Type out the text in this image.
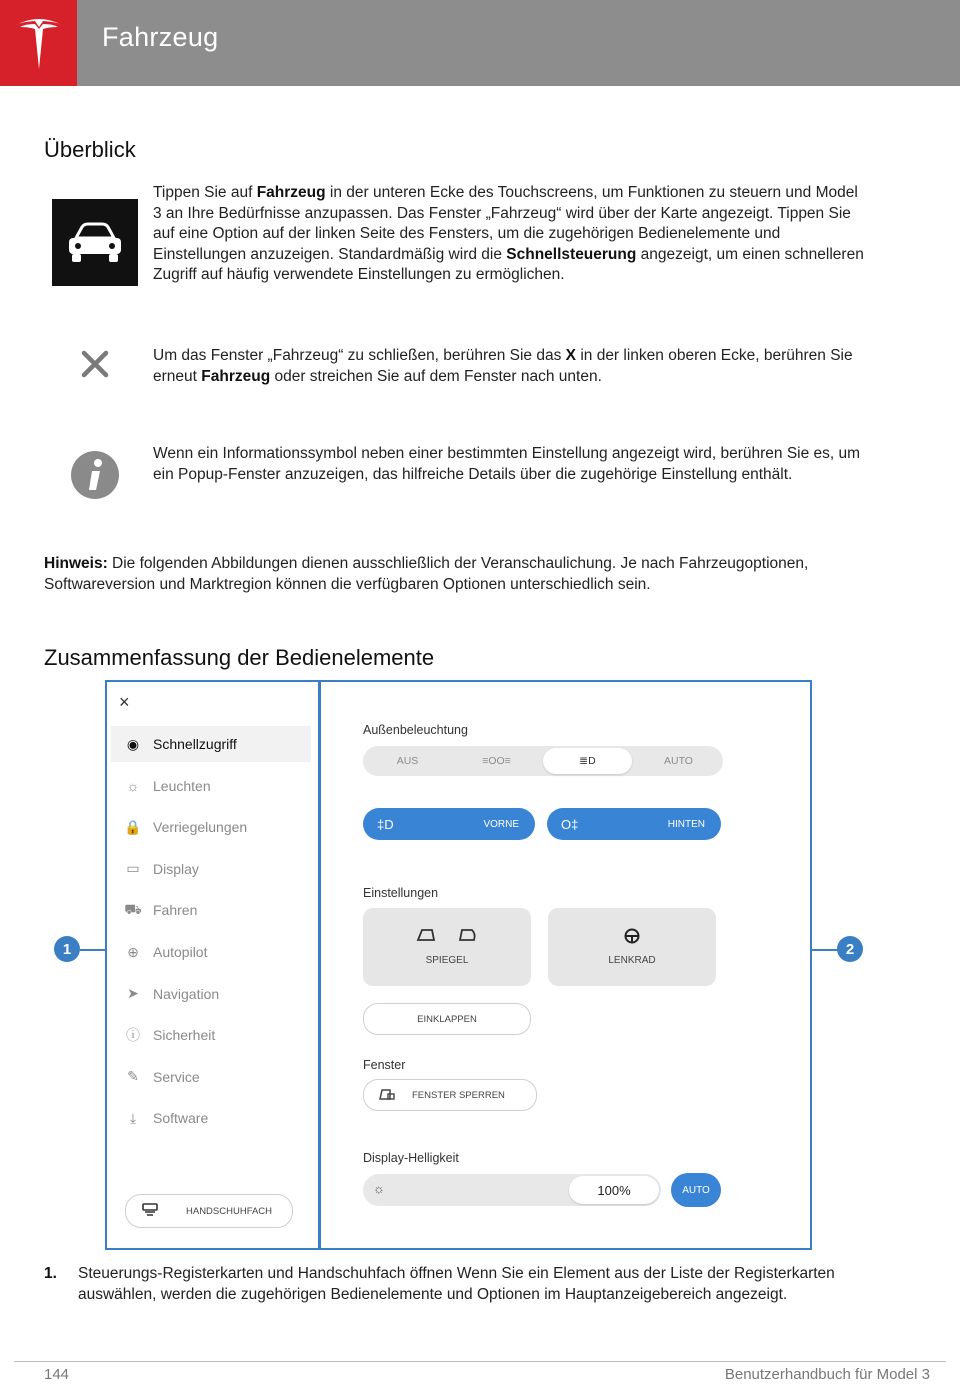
Fahrzeug
Überblick
Tippen Sie auf Fahrzeug in der unteren Ecke des Touchscreens, um Funktionen zu steuern und Model 3 an Ihre Bedürfnisse anzupassen. Das Fenster „Fahrzeug“ wird über der Karte angezeigt. Tippen Sie auf eine Option auf der linken Seite des Fensters, um die zugehörigen Bedienelemente und Einstellungen anzuzeigen. Standardmäßig wird die Schnellsteuerung angezeigt, um einen schnelleren Zugriff auf häufig verwendete Einstellungen zu ermöglichen.
Um das Fenster „Fahrzeug“ zu schließen, berühren Sie das X in der linken oberen Ecke, berühren Sie erneut Fahrzeug oder streichen Sie auf dem Fenster nach unten.
Wenn ein Informationssymbol neben einer bestimmten Einstellung angezeigt wird, berühren Sie es, um ein Popup-Fenster anzuzeigen, das hilfreiche Details über die zugehörige Einstellung enthält.
Hinweis: Die folgenden Abbildungen dienen ausschließlich der Veranschaulichung. Je nach Fahrzeugoptionen, Softwareversion und Marktregion können die verfügbaren Optionen unterschiedlich sein.
Zusammenfassung der Bedienelemente
1	2
×
◉ Schnellzugriff
☼ Leuchten
🔒 Verriegelungen
▭ Display
⛟ Fahren
⊕ Autopilot
➤ Navigation
ⓘ Sicherheit
✎ Service
⤓	Software
HANDSCHUHFACH
Außenbeleuchtung
AUS	≡OO≡	≣D	AUTO
‡D	VORNE	O‡	HINTEN
Einstellungen
SPIEGEL	LENKRAD
EINKLAPPEN
Fenster
FENSTER SPERREN
Display-Helligkeit
☼	100%	AUTO
1. Steuerungs-Registerkarten und Handschuhfach öffnen Wenn Sie ein Element aus der Liste der Registerkarten auswählen, werden die zugehörigen Bedienelemente und Optionen im Hauptanzeigebereich angezeigt.
144	Benutzerhandbuch für Model 3
